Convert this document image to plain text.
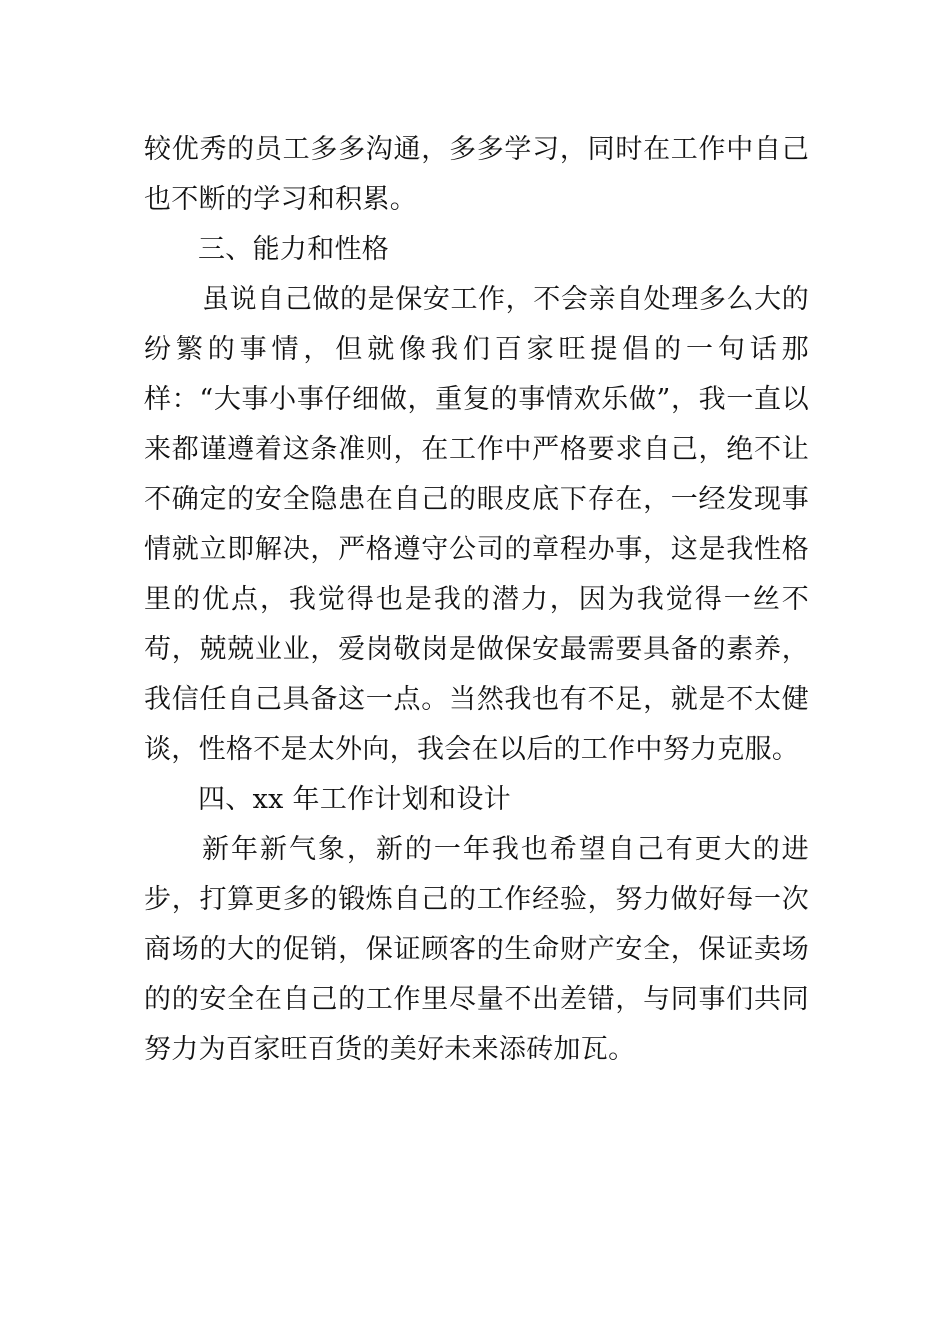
较优秀的员工多多沟通，多多学习，同时在工作中自己也不断的学习和积累。

三、能力和性格

虽说自己做的是保安工作，不会亲自处理多么大的纷繁的事情，但就像我们百家旺提倡的一句话那样：“大事小事仔细做，重复的事情欢乐做”，我一直以来都谨遵着这条准则，在工作中严格要求自己，绝不让不确定的安全隐患在自己的眼皮底下存在，一经发现事情就立即解决，严格遵守公司的章程办事，这是我性格里的优点，我觉得也是我的潜力，因为我觉得一丝不苟，兢兢业业，爱岗敬岗是做保安最需要具备的素养，我信任自己具备这一点。当然我也有不足，就是不太健谈，性格不是太外向，我会在以后的工作中努力克服。

四、xx 年工作计划和设计

新年新气象，新的一年我也希望自己有更大的进步，打算更多的锻炼自己的工作经验，努力做好每一次商场的大的促销，保证顾客的生命财产安全，保证卖场的的安全在自己的工作里尽量不出差错，与同事们共同努力为百家旺百货的美好未来添砖加瓦。
